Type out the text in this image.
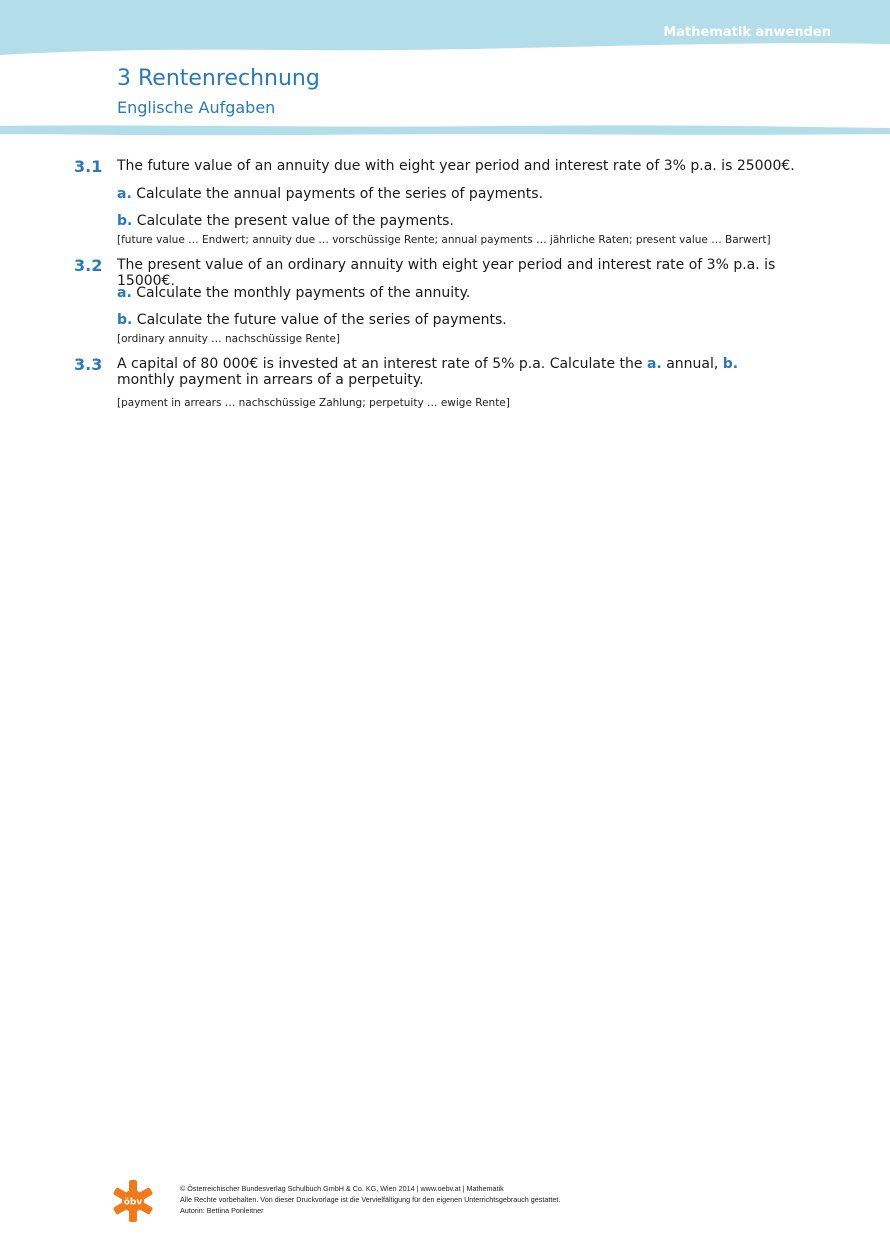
Mathematik anwenden
3 Rentenrechnung
Englische Aufgaben
3.1 The future value of an annuity due with eight year period and interest rate of 3% p.a. is 25000€.
a. Calculate the annual payments of the series of payments.
b. Calculate the present value of the payments.
[future value … Endwert; annuity due … vorschüssige Rente; annual payments … jährliche Raten; present value … Barwert]
3.2 The present value of an ordinary annuity with eight year period and interest rate of 3% p.a. is 15000€.
a. Calculate the monthly payments of the annuity.
b. Calculate the future value of the series of payments.
[ordinary annuity … nachschüssige Rente]
3.3 A capital of 80 000€ is invested at an interest rate of 5% p.a. Calculate the a. annual, b. monthly payment in arrears of a perpetuity.
[payment in arrears … nachschüssige Zahlung; perpetuity … ewige Rente]
öbv
© Österreichischer Bundesverlag Schulbuch GmbH & Co. KG, Wien 2014 | www.oebv.at | Mathematik
Alle Rechte vorbehalten. Von dieser Druckvorlage ist die Vervielfältigung für den eigenen Unterrichtsgebrauch gestattet.
Autorin: Bettina Ponleitner
